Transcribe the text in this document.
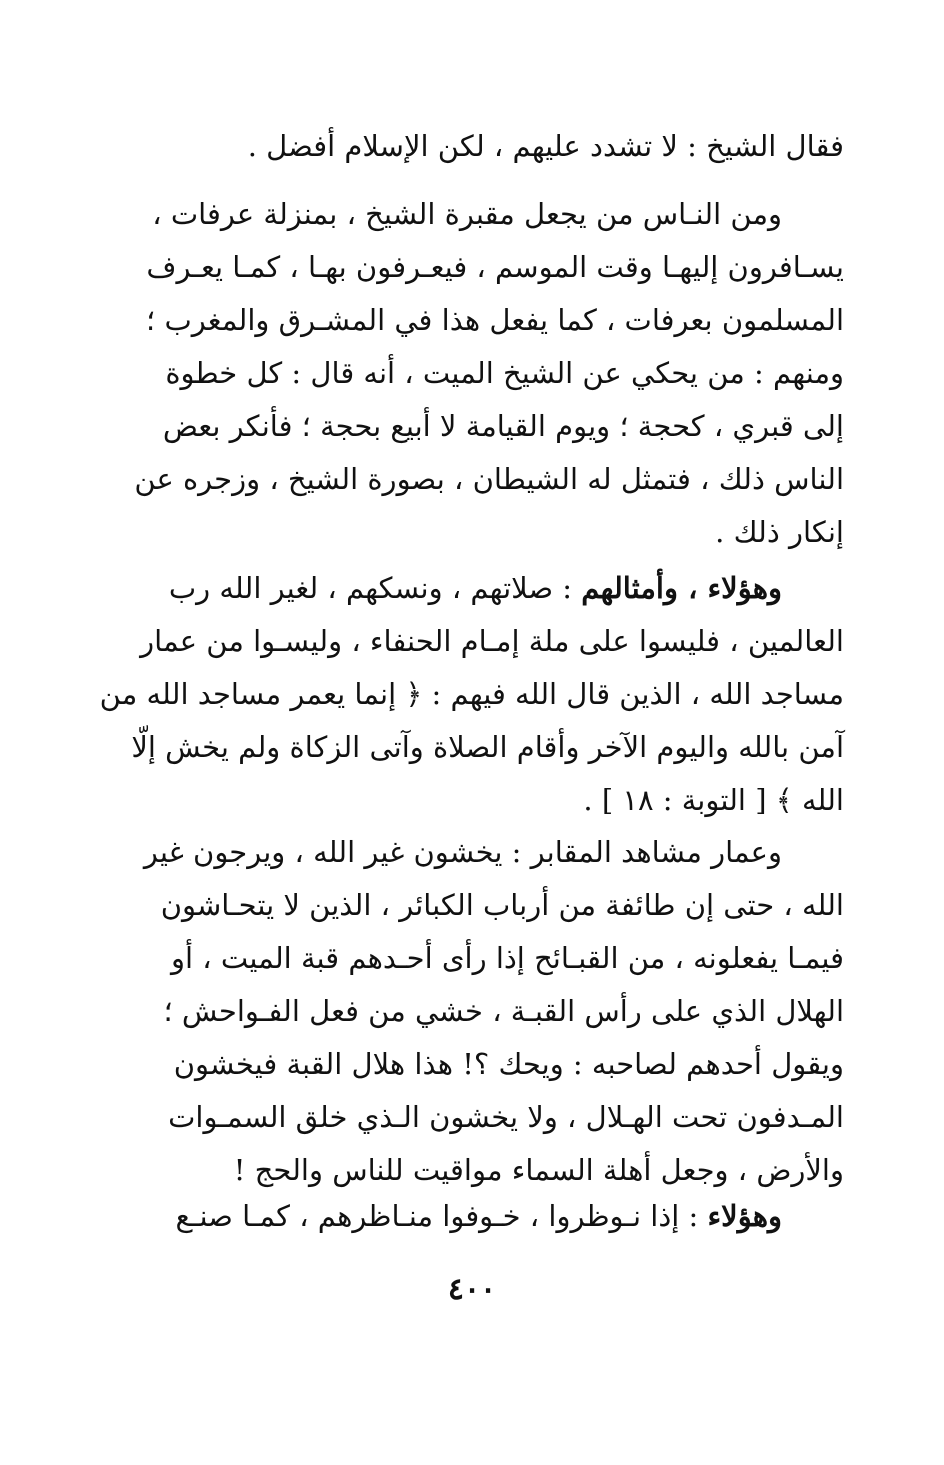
فقال الشيخ : لا تشدد عليهم ، لكن الإسلام أفضل .

ومن النـاس من يجعل مقبرة الشيخ ، بمنزلة عرفات ،

يسـافرون إليهـا وقت الموسم ، فيعـرفون بهـا ، كمـا يعـرف

المسلمون بعرفات ، كما يفعل هذا في المشـرق والمغرب ؛

ومنهم : من يحكي عن الشيخ الميت ، أنه قال : كل خطوة

إلى قبري ، كحجة ؛ ويوم القيامة لا أبيع بحجة ؛ فأنكر بعض

الناس ذلك ، فتمثل له الشيطان ، بصورة الشيخ ، وزجره عن

إنكار ذلك .

وهؤلاء ، وأمثالهم : صلاتهم ، ونسكهم ، لغير الله رب

العالمين ، فليسوا على ملة إمـام الحنفاء ، وليسـوا من عمار

مساجد الله ، الذين قال الله فيهم : ﴿ إنما يعمر مساجد الله من

آمن بالله واليوم الآخر وأقام الصلاة وآتى الزكاة ولم يخش إلّا

الله ﴾ [ التوبة : ١٨ ] .

وعمار مشاهد المقابر : يخشون غير الله ، ويرجون غير

الله ، حتى إن طائفة من أرباب الكبائر ، الذين لا يتحـاشون

فيمـا يفعلونه ، من القبـائح إذا رأى أحـدهم قبة الميت ، أو

الهلال الذي على رأس القبـة ، خشي من فعل الفـواحش ؛

ويقول أحدهم لصاحبه : ويحك ؟! هذا هلال القبة فيخشون

المـدفون تحت الهـلال ، ولا يخشون الـذي خلق السمـوات

والأرض ، وجعل أهلة السماء مواقيت للناس والحج !

وهؤلاء : إذا نـوظروا ، خـوفوا منـاظرهم ، كمـا صنـع

٤٠٠
